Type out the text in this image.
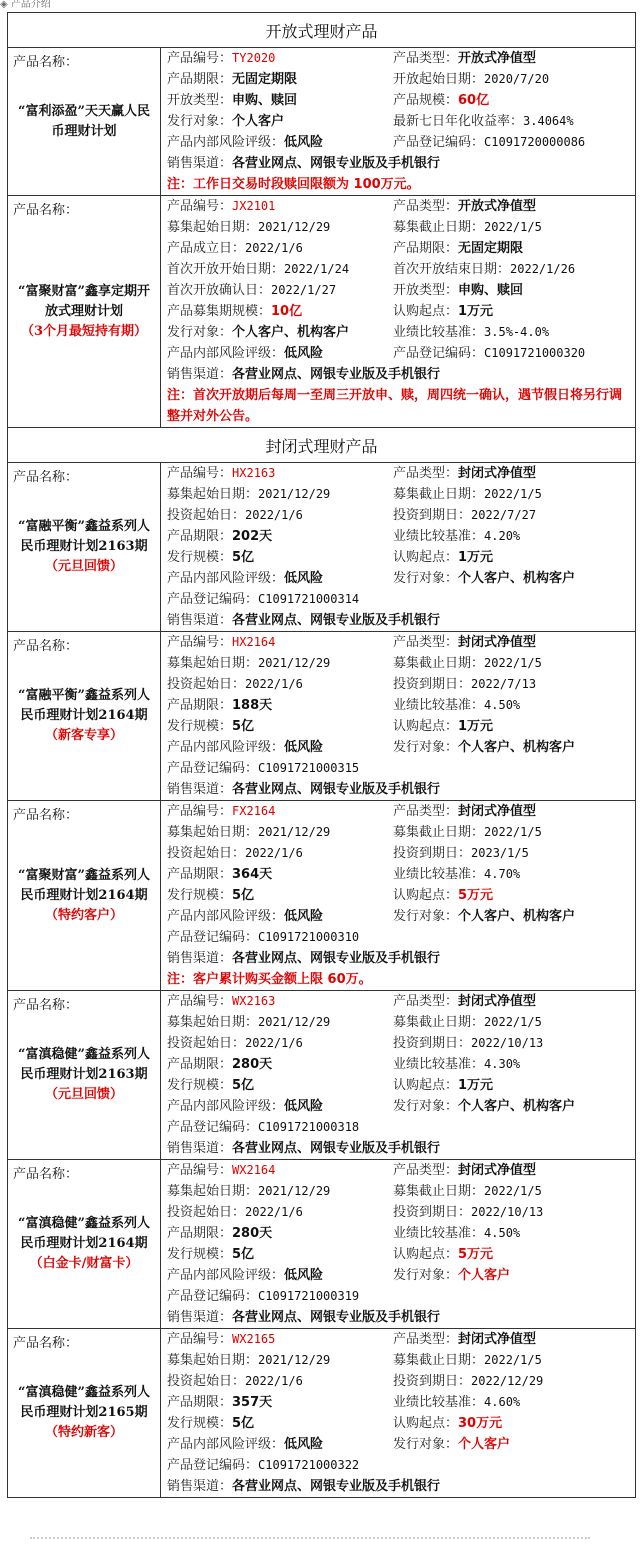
◈ 产品介绍
开放式理财产品
产品名称：
“富利添盈”天天赢人民币理财计划
产品编号：TY2020	产品类型：开放式净值型
产品期限：无固定期限	开放起始日期：2020/7/20
开放类型：申购、赎回	产品规模：60亿
发行对象：个人客户	最新七日年化收益率：3.4064%
产品内部风险评级：低风险	产品登记编码：C1091720000086
销售渠道：各营业网点、网银专业版及手机银行
注：工作日交易时段赎回限额为 100万元。
产品名称：
“富聚财富”鑫享定期开放式理财计划
（3个月最短持有期）
产品编号：JX2101	产品类型：开放式净值型
募集起始日期：2021/12/29	募集截止日期：2022/1/5
产品成立日：2022/1/6	产品期限：无固定期限
首次开放开始日期：2022/1/24	首次开放结束日期：2022/1/26
首次开放确认日：2022/1/27	开放类型：申购、赎回
产品募集期规模：10亿	认购起点：1万元
发行对象：个人客户、机构客户	业绩比较基准：3.5%-4.0%
产品内部风险评级：低风险	产品登记编码：C1091721000320
销售渠道：各营业网点、网银专业版及手机银行
注：首次开放期后每周一至周三开放申、赎，周四统一确认，遇节假日将另行调整并对外公告。
封闭式理财产品
产品名称：
“富融平衡”鑫益系列人民币理财计划2163期
（元旦回馈）
产品编号：HX2163	产品类型：封闭式净值型
募集起始日期：2021/12/29	募集截止日期：2022/1/5
投资起始日：2022/1/6	投资到期日：2022/7/27
产品期限：202天	业绩比较基准：4.20%
发行规模：5亿	认购起点：1万元
产品内部风险评级：低风险	发行对象：个人客户、机构客户
产品登记编码：C1091721000314
销售渠道：各营业网点、网银专业版及手机银行
产品名称：
“富融平衡”鑫益系列人民币理财计划2164期
（新客专享）
产品编号：HX2164	产品类型：封闭式净值型
募集起始日期：2021/12/29	募集截止日期：2022/1/5
投资起始日：2022/1/6	投资到期日：2022/7/13
产品期限：188天	业绩比较基准：4.50%
发行规模：5亿	认购起点：1万元
产品内部风险评级：低风险	发行对象：个人客户、机构客户
产品登记编码：C1091721000315
销售渠道：各营业网点、网银专业版及手机银行
产品名称：
“富聚财富”鑫益系列人民币理财计划2164期
（特约客户）
产品编号：FX2164	产品类型：封闭式净值型
募集起始日期：2021/12/29	募集截止日期：2022/1/5
投资起始日：2022/1/6	投资到期日：2023/1/5
产品期限：364天	业绩比较基准：4.70%
发行规模：5亿	认购起点：5万元
产品内部风险评级：低风险	发行对象：个人客户、机构客户
产品登记编码：C1091721000310
销售渠道：各营业网点、网银专业版及手机银行
注：客户累计购买金额上限 60万。
产品名称：
“富滇稳健”鑫益系列人民币理财计划2163期
（元旦回馈）
产品编号：WX2163	产品类型：封闭式净值型
募集起始日期：2021/12/29	募集截止日期：2022/1/5
投资起始日：2022/1/6	投资到期日：2022/10/13
产品期限：280天	业绩比较基准：4.30%
发行规模：5亿	认购起点：1万元
产品内部风险评级：低风险	发行对象：个人客户、机构客户
产品登记编码：C1091721000318
销售渠道：各营业网点、网银专业版及手机银行
产品名称：
“富滇稳健”鑫益系列人民币理财计划2164期
（白金卡/财富卡）
产品编号：WX2164	产品类型：封闭式净值型
募集起始日期：2021/12/29	募集截止日期：2022/1/5
投资起始日：2022/1/6	投资到期日：2022/10/13
产品期限：280天	业绩比较基准：4.50%
发行规模：5亿	认购起点：5万元
产品内部风险评级：低风险	发行对象：个人客户
产品登记编码：C1091721000319
销售渠道：各营业网点、网银专业版及手机银行
产品名称：
“富滇稳健”鑫益系列人民币理财计划2165期
（特约新客）
产品编号：WX2165	产品类型：封闭式净值型
募集起始日期：2021/12/29	募集截止日期：2022/1/5
投资起始日：2022/1/6	投资到期日：2022/12/29
产品期限：357天	业绩比较基准：4.60%
发行规模：5亿	认购起点：30万元
产品内部风险评级：低风险	发行对象：个人客户
产品登记编码：C1091721000322
销售渠道：各营业网点、网银专业版及手机银行
